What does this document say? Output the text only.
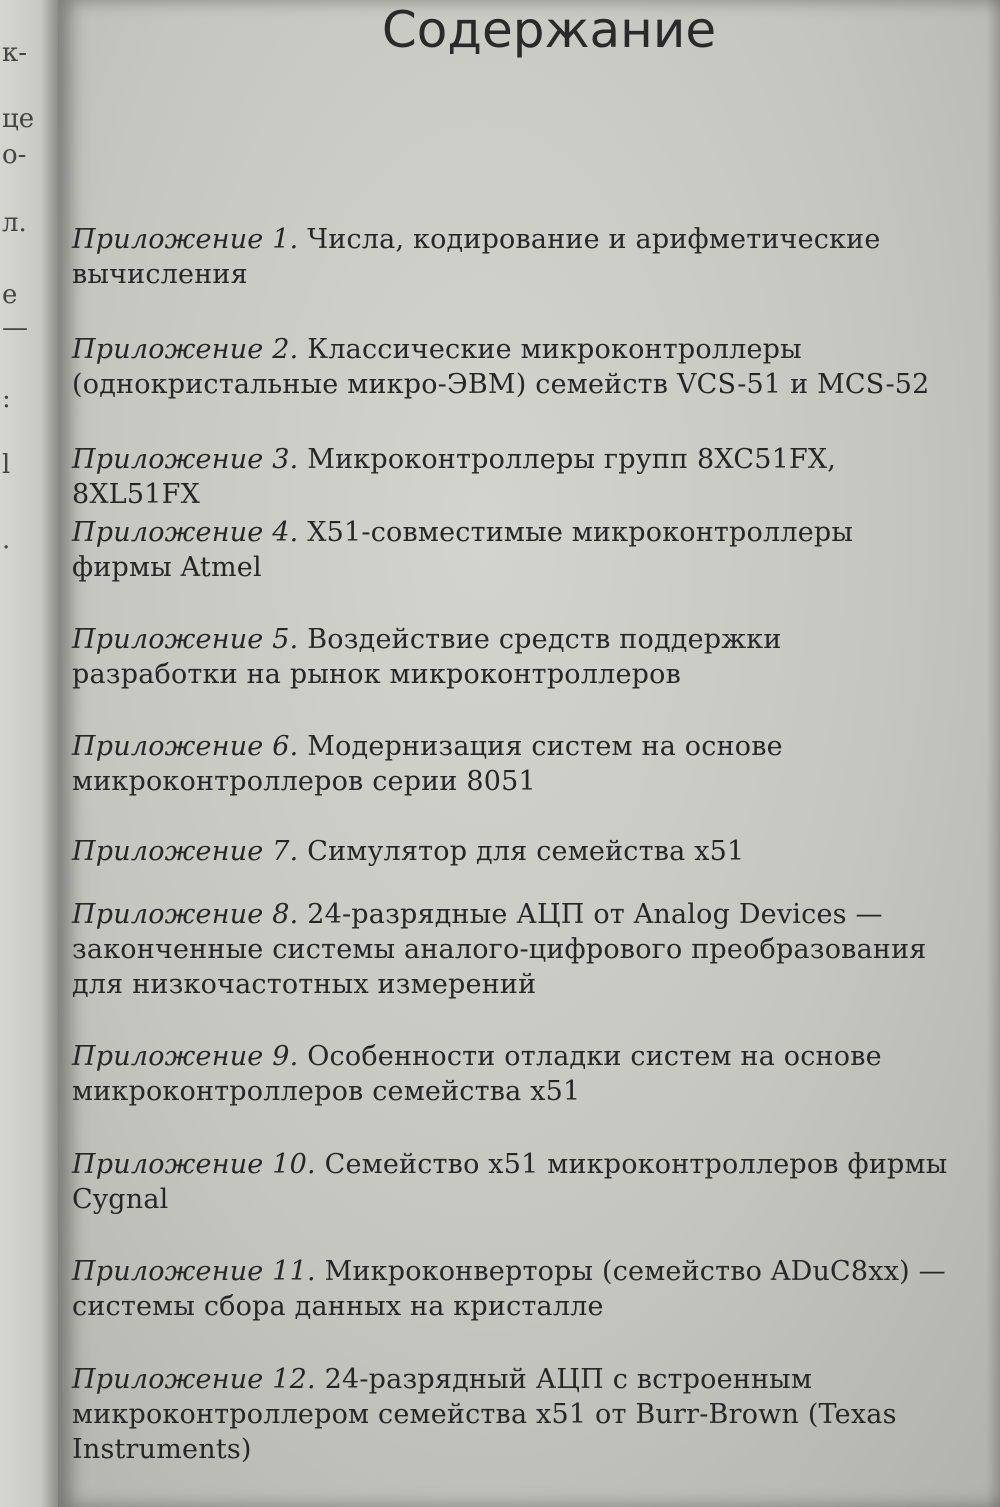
к-
це
о-
л.
е
—
:
l
.
Содержание

Приложение 1. Числа, кодирование и арифметические вычисления

Приложение 2. Классические микроконтроллеры (однокристальные микро-ЭВМ) семейств VCS-51 и MCS-52

Приложение 3. Микроконтроллеры групп 8XC51FX, 8XL51FX

Приложение 4. X51-совместимые микроконтроллеры фирмы Atmel

Приложение 5. Воздействие средств поддержки разработки на рынок микроконтроллеров

Приложение 6. Модернизация систем на основе микроконтроллеров серии 8051

Приложение 7. Симулятор для семейства x51

Приложение 8. 24-разрядные АЦП от Analog Devices — законченные системы аналого-цифрового преобразования для низкочастотных измерений

Приложение 9. Особенности отладки систем на основе микроконтроллеров семейства x51

Приложение 10. Семейство x51 микроконтроллеров фирмы Cygnal

Приложение 11. Микроконверторы (семейство ADuC8xx) — системы сбора данных на кристалле

Приложение 12. 24-разрядный АЦП с встроенным микроконтроллером семейства x51 от Burr-Brown (Texas Instruments)
